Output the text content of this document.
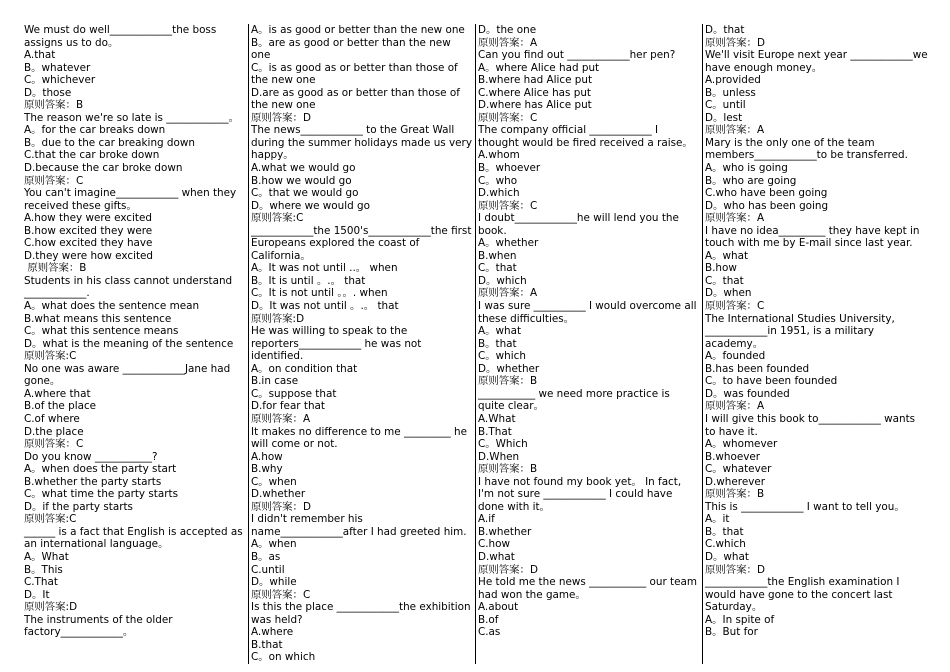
We must do well____________the boss assigns us to do。
A.that
B。whatever
C。whichever
D。those
原则答案：B
The reason we're so late is ____________。
A。for the car breaks down
B。due to the car breaking down
C.that the car broke down
D.because the car broke down
原则答案：C
You can't imagine____________ when they received these gifts。
A.how they were excited
B.how excited they were
C.how excited they have
D.they were how excited
原则答案：B
Students in his class cannot understand ____________.
A。what does the sentence mean
B.what means this sentence
C。what this sentence means
D。what is the meaning of the sentence
原则答案:C
No one was aware ____________Jane had gone。
A.where that
B.of the place
C.of where
D.the place
原则答案：C
Do you know ___________?
A。when does the party start
B.whether the party starts
C。what time the party starts
D。if the party starts
原则答案:C
______ is a fact that English is accepted as an international language。
A。What
B。This
C.That
D。It
原则答案:D
The instruments of the older factory____________。
A。is as good or better than the new one
B。are as good or better than the new one
C。is as good as or better than those of the new one
D.are as good as or better than those of the new one
原则答案：D
The news____________ to the Great Wall during the summer holidays made us very happy。
A.what we would go
B.how we would go
C。that we would go
D。where we would go
原则答案:C
____________the 1500's____________the first Europeans explored the coast of California。
A。It was not until ..。 when
B。It is until 。.。 that
C。It is not until 。。. when
D。It was not until 。.。 that
原则答案:D
He was willing to speak to the reporters____________ he was not identified.
A。on condition that
B.in case
C。suppose that
D.for fear that
原则答案：A
It makes no difference to me _________ he will come or not.
A.how
B.why
C。when
D.whether
原则答案：D
I didn't remember his name____________after I had greeted him.
A。when
B。as
C.until
D。while
原则答案：C
Is this the place ____________the exhibition was held?
A.where
B.that
C。on which
D。the one
原则答案：A
Can you find out ____________her pen?
A。where Alice had put
B.where had Alice put
C.where Alice has put
D.where has Alice put
原则答案：C
The company official ____________ I thought would be fired received a raise。
A.whom
B。whoever
C。who
D.which
原则答案：C
I doubt____________he will lend you the book.
A。whether
B.when
C。that
D。which
原则答案：A
I was sure __________ I would overcome all these difficulties。
A。what
B。that
C。which
D。whether
原则答案：B
___________ we need more practice is quite clear。
A.What
B.That
C。Which
D.When
原则答案：B
I have not found my book yet。 In fact, I'm not sure ____________ I could have done with it。
A.if
B.whether
C.how
D.what
原则答案：D
He told me the news ___________ our team had won the game。
A.about
B.of
C.as
D。that
原则答案：D
We'll visit Europe next year ____________we have enough money。
A.provided
B。unless
C。until
D。lest
原则答案：A
Mary is the only one of the team members____________to be transferred.
A。who is going
B。who are going
C.who have been going
D。who has been going
原则答案：A
I have no idea_________ they have kept in touch with me by E-mail since last year.
A。what
B.how
C。that
D。when
原则答案：C
The International Studies University, ____________in 1951, is a military academy。
A。founded
B.has been founded
C。to have been founded
D。was founded
原则答案：A
I will give this book to____________ wants to have it.
A。whomever
B.whoever
C。whatever
D.wherever
原则答案：B
This is ____________ I want to tell you。
A。it
B。that
C.which
D。what
原则答案：D
____________the English examination I would have gone to the concert last Saturday。
A。In spite of
B。But for
